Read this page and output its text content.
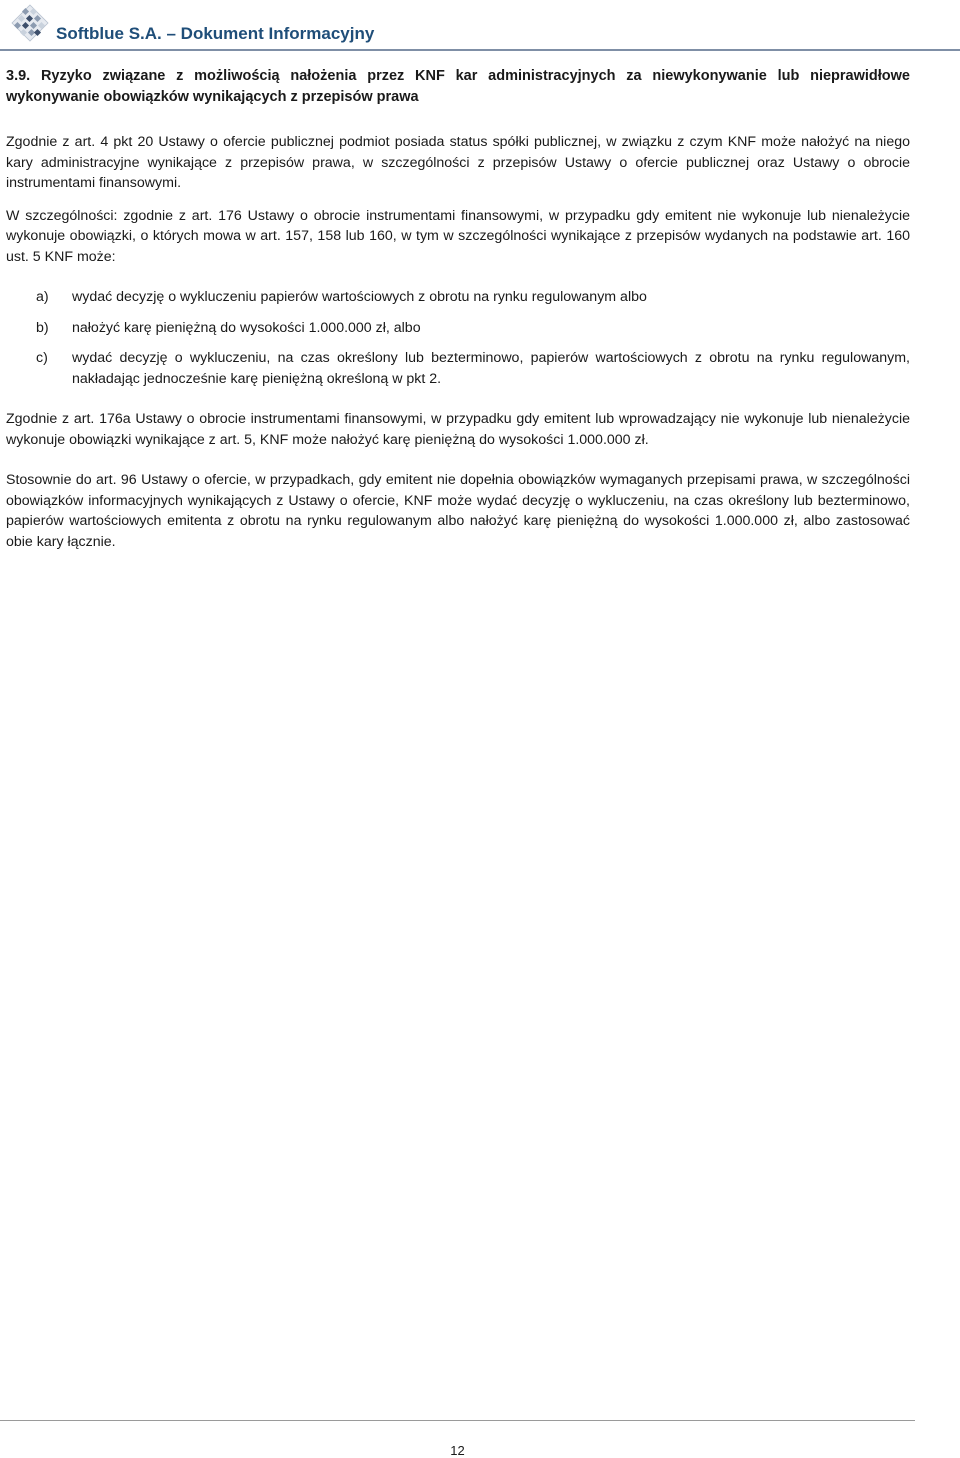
Softblue S.A. – Dokument Informacyjny
3.9. Ryzyko związane z możliwością nałożenia przez KNF kar administracyjnych za niewykonywanie lub nieprawidłowe wykonywanie obowiązków wynikających z przepisów prawa

Zgodnie z art. 4 pkt 20 Ustawy o ofercie publicznej podmiot posiada status spółki publicznej, w związku z czym KNF może nałożyć na niego kary administracyjne wynikające z przepisów prawa, w szczególności z przepisów Ustawy o ofercie publicznej oraz Ustawy o obrocie instrumentami finansowymi.

W szczególności: zgodnie z art. 176 Ustawy o obrocie instrumentami finansowymi, w przypadku gdy emitent nie wykonuje lub nienależycie wykonuje obowiązki, o których mowa w art. 157, 158 lub 160, w tym w szczególności wynikające z przepisów wydanych na podstawie art. 160 ust. 5 KNF może:

a)	wydać decyzję o wykluczeniu papierów wartościowych z obrotu na rynku regulowanym albo
b)	nałożyć karę pieniężną do wysokości 1.000.000 zł, albo
c)	wydać decyzję o wykluczeniu, na czas określony lub bezterminowo, papierów wartościowych z obrotu na rynku regulowanym, nakładając jednocześnie karę pieniężną określoną w pkt 2.

Zgodnie z art. 176a Ustawy o obrocie instrumentami finansowymi, w przypadku gdy emitent lub wprowadzający nie wykonuje lub nienależycie wykonuje obowiązki wynikające z art. 5, KNF może nałożyć karę pieniężną do wysokości 1.000.000 zł.

Stosownie do art. 96 Ustawy o ofercie, w przypadkach, gdy emitent nie dopełnia obowiązków wymaganych przepisami prawa, w szczególności obowiązków informacyjnych wynikających z Ustawy o ofercie, KNF może wydać decyzję o wykluczeniu, na czas określony lub bezterminowo, papierów wartościowych emitenta z obrotu na rynku regulowanym albo nałożyć karę pieniężną do wysokości 1.000.000 zł, albo zastosować obie kary łącznie.

12
